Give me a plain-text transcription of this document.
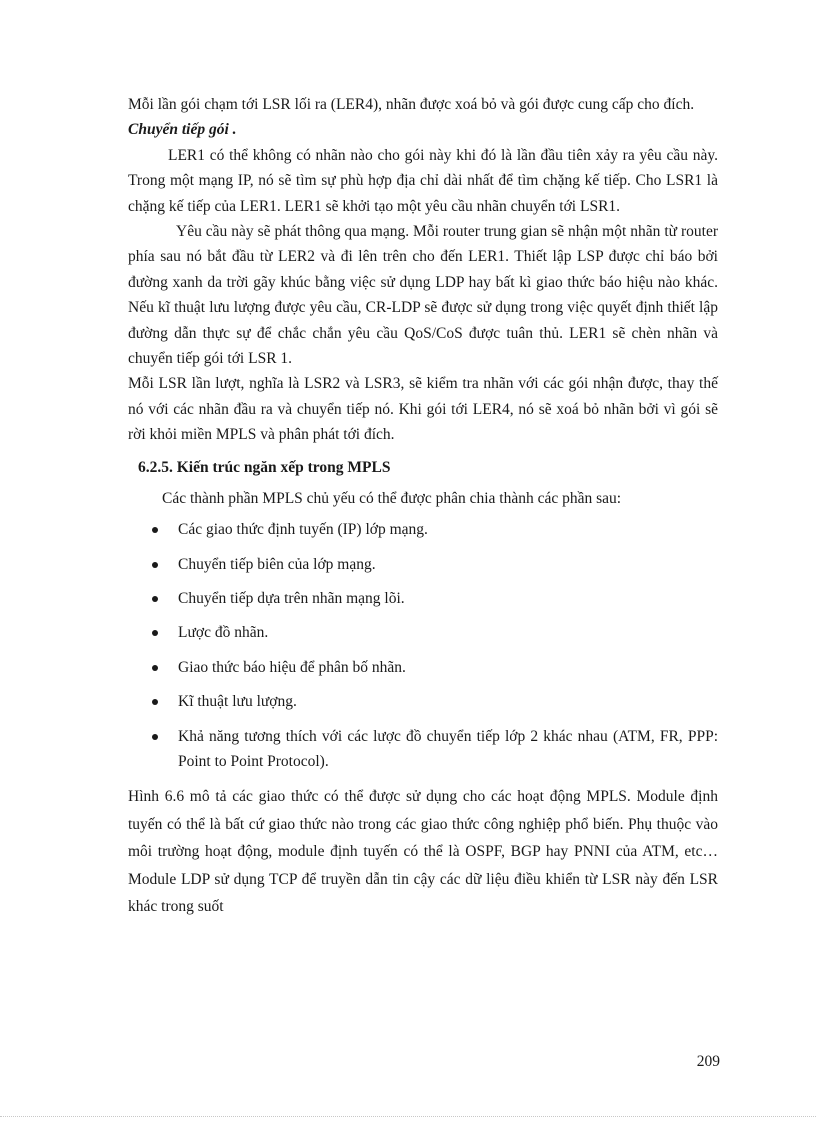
Mỗi lần gói chạm tới LSR lối ra (LER4), nhãn được xoá bỏ và gói được cung cấp cho đích.

Chuyển tiếp gói .

LER1 có thể không có nhãn nào cho gói này khi đó là lần đầu tiên xảy ra yêu cầu này. Trong một mạng IP, nó sẽ tìm sự phù hợp địa chỉ dài nhất để tìm chặng kế tiếp. Cho LSR1 là chặng kế tiếp của LER1. LER1 sẽ khởi tạo một yêu cầu nhãn chuyển tới LSR1.

Yêu cầu này sẽ phát thông qua mạng. Mỗi router trung gian sẽ nhận một nhãn từ router phía sau nó bắt đầu từ LER2 và đi lên trên cho đến LER1. Thiết lập LSP được chỉ báo bởi đường xanh da trời gãy khúc bằng việc sử dụng LDP hay bất kì giao thức báo hiệu nào khác. Nếu kĩ thuật lưu lượng được yêu cầu, CR-LDP sẽ được sử dụng trong việc quyết định thiết lập đường dẫn thực sự để chắc chắn yêu cầu QoS/CoS được tuân thủ. LER1 sẽ chèn nhãn và chuyển tiếp gói tới LSR 1.

Mỗi LSR lần lượt, nghĩa là LSR2 và LSR3, sẽ kiểm tra nhãn với các gói nhận được, thay thế nó với các nhãn đầu ra và chuyển tiếp nó. Khi gói tới LER4, nó sẽ xoá bỏ nhãn bởi vì gói sẽ rời khỏi miền MPLS và phân phát tới đích.

6.2.5. Kiến trúc ngăn xếp trong MPLS

Các thành phần MPLS chủ yếu có thể được phân chia thành các phần sau:

Các giao thức định tuyến (IP) lớp mạng.
Chuyển tiếp biên của lớp mạng.
Chuyển tiếp dựa trên nhãn mạng lõi.
Lược đồ nhãn.
Giao thức báo hiệu để phân bố nhãn.
Kĩ thuật lưu lượng.
Khả năng tương thích với các lược đồ chuyển tiếp lớp 2 khác nhau (ATM, FR, PPP: Point to Point Protocol).

Hình 6.6 mô tả các giao thức có thể được sử dụng cho các hoạt động MPLS. Module định tuyến có thể là bất cứ giao thức nào trong các giao thức công nghiệp phổ biến. Phụ thuộc vào môi trường hoạt động, module định tuyến có thể là OSPF, BGP hay PNNI của ATM, etc…Module LDP sử dụng TCP để truyền dẫn tin cậy các dữ liệu điều khiển từ LSR này đến LSR khác trong suốt

209
